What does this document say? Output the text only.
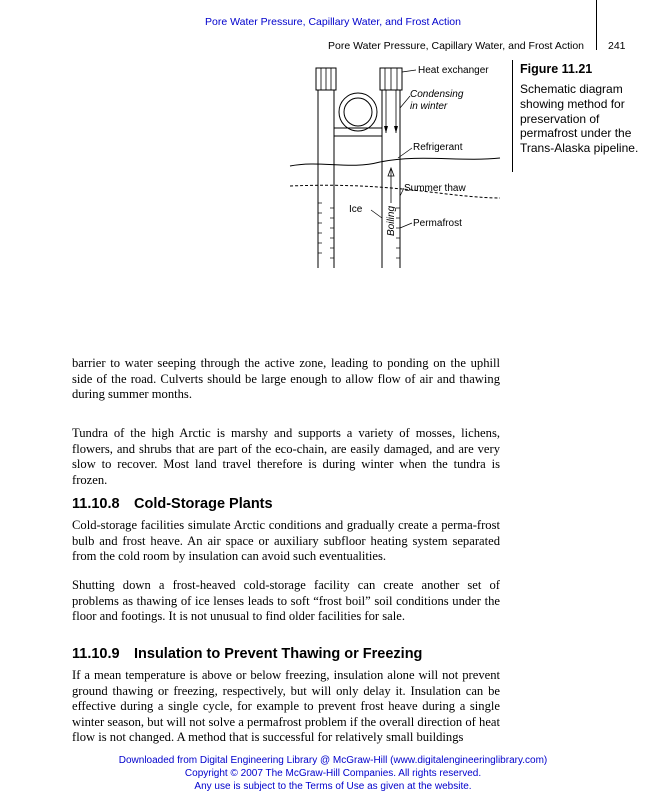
Pore Water Pressure, Capillary Water, and Frost Action
Pore Water Pressure, Capillary Water, and Frost Action 241
Heat exchanger
Condensing
in winter
Refrigerant
Summer thaw
Ice
Permafrost
Boiling
Figure 11.21
Schematic diagram showing method for preservation of permafrost under the Trans-Alaska pipeline.

barrier to water seeping through the active zone, leading to ponding on the uphill side of the road. Culverts should be large enough to allow flow of air and thawing during summer months.

Tundra of the high Arctic is marshy and supports a variety of mosses, lichens, flowers, and shrubs that are part of the eco-chain, are easily damaged, and are very slow to recover. Most land travel therefore is during winter when the tundra is frozen.

11.10.8 Cold-Storage Plants

Cold-storage facilities simulate Arctic conditions and gradually create a perma-frost bulb and frost heave. An air space or auxiliary subfloor heating system separated from the cold room by insulation can avoid such eventualities.

Shutting down a frost-heaved cold-storage facility can create another set of problems as thawing of ice lenses leads to soft “frost boil” soil conditions under the floor and footings. It is not unusual to find older facilities for sale.

11.10.9 Insulation to Prevent Thawing or Freezing

If a mean temperature is above or below freezing, insulation alone will not prevent ground thawing or freezing, respectively, but will only delay it. Insulation can be effective during a single cycle, for example to prevent frost heave during a single winter season, but will not solve a permafrost problem if the overall direction of heat flow is not changed. A method that is successful for relatively small buildings

Downloaded from Digital Engineering Library @ McGraw-Hill (www.digitalengineeringlibrary.com)
Copyright © 2007 The McGraw-Hill Companies. All rights reserved.
Any use is subject to the Terms of Use as given at the website.
